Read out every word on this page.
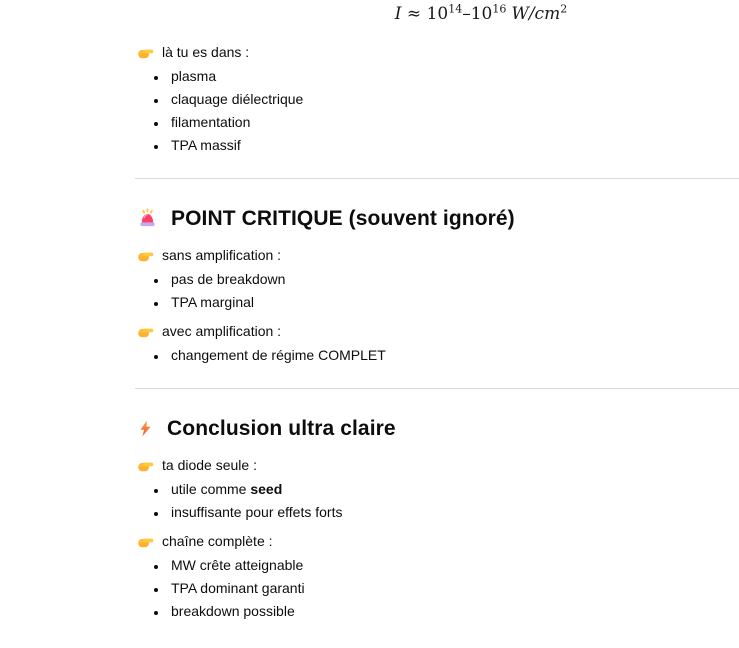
$I \approx 10^{14}-10^{16}$ $W/cm^2$

là tu es dans :

• plasma
• claquage diélectrique
• filamentation
• TPA massif
POINT CRITIQUE (souvent ignoré)

sans amplification :

• pas de breakdown
• TPA marginal

avec amplification :

• changement de régime COMPLET
Conclusion ultra claire

ta diode seule :

• utile comme seed
• insuffisante pour effets forts

chaîne complète :

• MW crête atteignable
• TPA dominant garanti
• breakdown possible
